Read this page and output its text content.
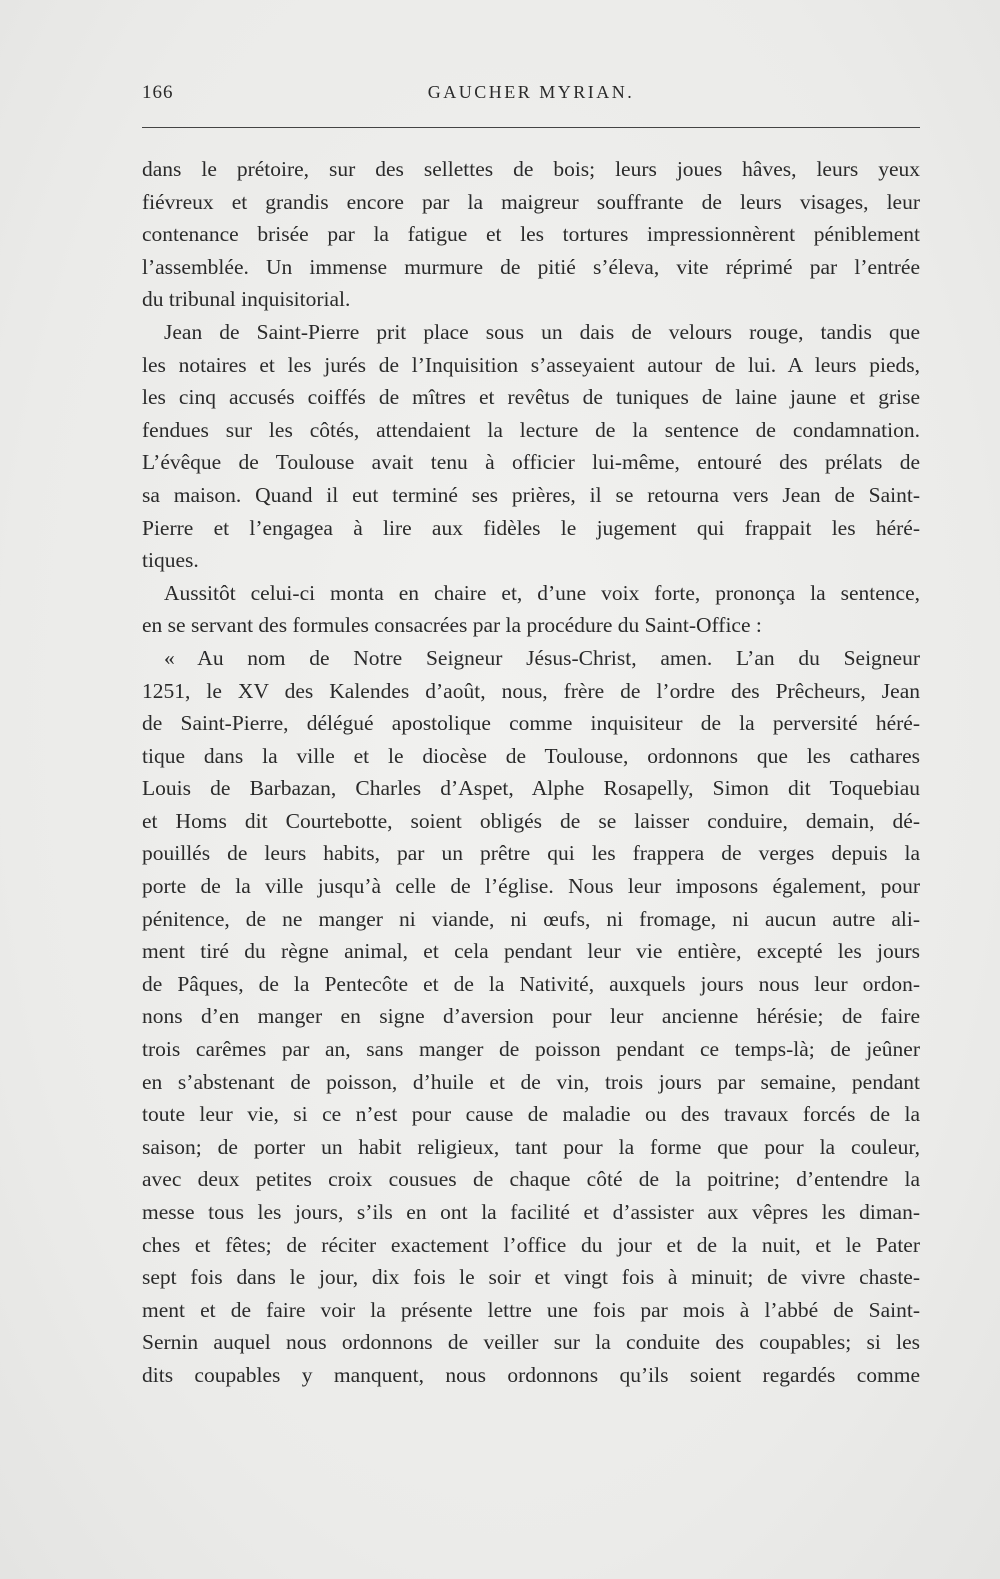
166	GAUCHER MYRIAN.
dans le prétoire, sur des sellettes de bois; leurs joues hâves, leurs yeux
fiévreux et grandis encore par la maigreur souffrante de leurs visages, leur
contenance brisée par la fatigue et les tortures impressionnèrent péniblement
l’assemblée. Un immense murmure de pitié s’éleva, vite réprimé par l’entrée
du tribunal inquisitorial.
Jean de Saint-Pierre prit place sous un dais de velours rouge, tandis que
les notaires et les jurés de l’Inquisition s’asseyaient autour de lui. A leurs pieds,
les cinq accusés coiffés de mîtres et revêtus de tuniques de laine jaune et grise
fendues sur les côtés, attendaient la lecture de la sentence de condamnation.
L’évêque de Toulouse avait tenu à officier lui-même, entouré des prélats de
sa maison. Quand il eut terminé ses prières, il se retourna vers Jean de Saint-
Pierre et l’engagea à lire aux fidèles le jugement qui frappait les héré-
tiques.
Aussitôt celui-ci monta en chaire et, d’une voix forte, prononça la sentence,
en se servant des formules consacrées par la procédure du Saint-Office :
« Au nom de Notre Seigneur Jésus-Christ, amen. L’an du Seigneur
1251, le XV des Kalendes d’août, nous, frère de l’ordre des Prêcheurs, Jean
de Saint-Pierre, délégué apostolique comme inquisiteur de la perversité héré-
tique dans la ville et le diocèse de Toulouse, ordonnons que les cathares
Louis de Barbazan, Charles d’Aspet, Alphe Rosapelly, Simon dit Toquebiau
et Homs dit Courtebotte, soient obligés de se laisser conduire, demain, dé-
pouillés de leurs habits, par un prêtre qui les frappera de verges depuis la
porte de la ville jusqu’à celle de l’église. Nous leur imposons également, pour
pénitence, de ne manger ni viande, ni œufs, ni fromage, ni aucun autre ali-
ment tiré du règne animal, et cela pendant leur vie entière, excepté les jours
de Pâques, de la Pentecôte et de la Nativité, auxquels jours nous leur ordon-
nons d’en manger en signe d’aversion pour leur ancienne hérésie; de faire
trois carêmes par an, sans manger de poisson pendant ce temps-là; de jeûner
en s’abstenant de poisson, d’huile et de vin, trois jours par semaine, pendant
toute leur vie, si ce n’est pour cause de maladie ou des travaux forcés de la
saison; de porter un habit religieux, tant pour la forme que pour la couleur,
avec deux petites croix cousues de chaque côté de la poitrine; d’entendre la
messe tous les jours, s’ils en ont la facilité et d’assister aux vêpres les diman-
ches et fêtes; de réciter exactement l’office du jour et de la nuit, et le Pater
sept fois dans le jour, dix fois le soir et vingt fois à minuit; de vivre chaste-
ment et de faire voir la présente lettre une fois par mois à l’abbé de Saint-
Sernin auquel nous ordonnons de veiller sur la conduite des coupables; si les
dits coupables y manquent, nous ordonnons qu’ils soient regardés comme
